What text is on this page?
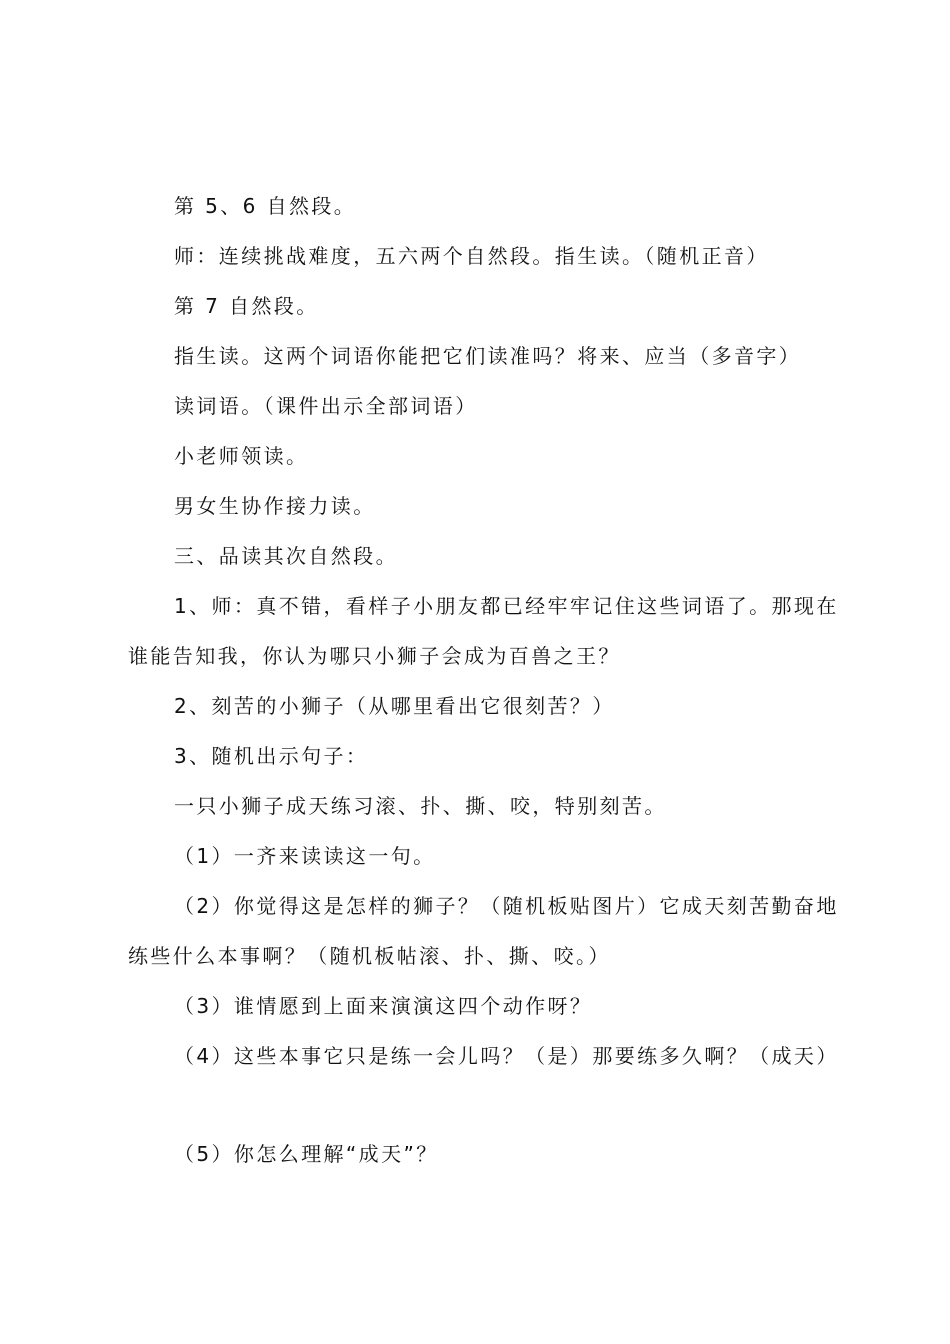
第 5、6 自然段。
师：连续挑战难度，五六两个自然段。指生读。（随机正音）
第 7 自然段。
指生读。这两个词语你能把它们读准吗？将来、应当（多音字）
读词语。（课件出示全部词语）
小老师领读。
男女生协作接力读。
三、品读其次自然段。
1、师：真不错，看样子小朋友都已经牢牢记住这些词语了。那现在
谁能告知我，你认为哪只小狮子会成为百兽之王？
2、刻苦的小狮子（从哪里看出它很刻苦？）
3、随机出示句子：
一只小狮子成天练习滚、扑、撕、咬，特别刻苦。
（1）一齐来读读这一句。
（2）你觉得这是怎样的狮子？（随机板贴图片）它成天刻苦勤奋地
练些什么本事啊？（随机板帖滚、扑、撕、咬。）
（3）谁情愿到上面来演演这四个动作呀？
（4）这些本事它只是练一会儿吗？（是）那要练多久啊？（成天）
（5）你怎么理解“成天”？
